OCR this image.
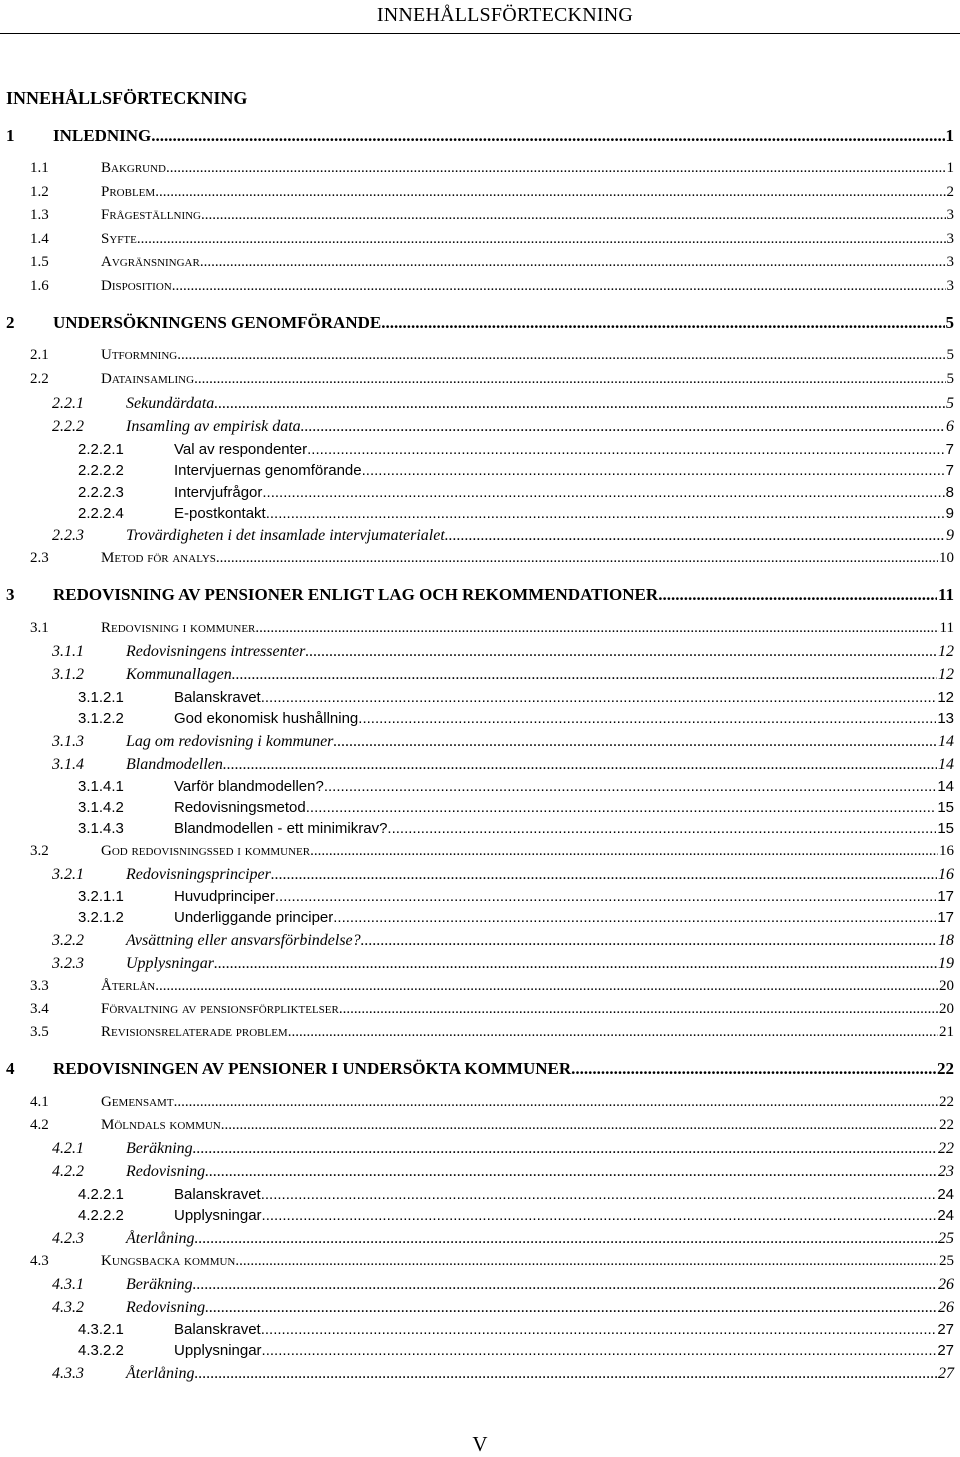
INNEHÅLLSFÖRTECKNING
INNEHÅLLSFÖRTECKNING
1	INLEDNING .....	1
1.1	Bakgrund .....	1
1.2	Problem .....	2
1.3	Frågeställning .....	3
1.4	Syfte .....	3
1.5	Avgränsningar .....	3
1.6	Disposition .....	3
2	UNDERSÖKNINGENS GENOMFÖRANDE .....	5
2.1	Utformning .....	5
2.2	Datainsamling .....	5
2.2.1	Sekundärdata .....	5
2.2.2	Insamling av empirisk data .....	6
2.2.2.1	Val av respondenter .....	7
2.2.2.2	Intervjuernas genomförande .....	7
2.2.2.3	Intervjufrågor .....	8
2.2.2.4	E-postkontakt .....	9
2.2.3	Trovärdigheten i det insamlade intervjumaterialet .....	9
2.3	Metod för analys .....	10
3	REDOVISNING AV PENSIONER ENLIGT LAG OCH REKOMMENDATIONER .....	11
3.1	Redovisning i kommuner .....	11
3.1.1	Redovisningens intressenter .....	12
3.1.2	Kommunallagen .....	12
3.1.2.1	Balanskravet .....	12
3.1.2.2	God ekonomisk hushållning .....	13
3.1.3	Lag om redovisning i kommuner .....	14
3.1.4	Blandmodellen .....	14
3.1.4.1	Varför blandmodellen? .....	14
3.1.4.2	Redovisningsmetod .....	15
3.1.4.3	Blandmodellen - ett minimikrav? .....	15
3.2	God redovisningssed i kommuner .....	16
3.2.1	Redovisningsprinciper .....	16
3.2.1.1	Huvudprinciper .....	17
3.2.1.2	Underliggande principer .....	17
3.2.2	Avsättning eller ansvarsförbindelse? .....	18
3.2.3	Upplysningar .....	19
3.3	Återlån .....	20
3.4	Förvaltning av pensionsförpliktelser .....	20
3.5	Revisionsrelaterade problem .....	21
4	REDOVISNINGEN AV PENSIONER I UNDERSÖKTA KOMMUNER .....	22
4.1	Gemensamt .....	22
4.2	Mölndals kommun .....	22
4.2.1	Beräkning .....	22
4.2.2	Redovisning .....	23
4.2.2.1	Balanskravet .....	24
4.2.2.2	Upplysningar .....	24
4.2.3	Återlåning .....	25
4.3	Kungsbacka kommun .....	25
4.3.1	Beräkning .....	26
4.3.2	Redovisning .....	26
4.3.2.1	Balanskravet .....	27
4.3.2.2	Upplysningar .....	27
4.3.3	Återlåning .....	27
V
